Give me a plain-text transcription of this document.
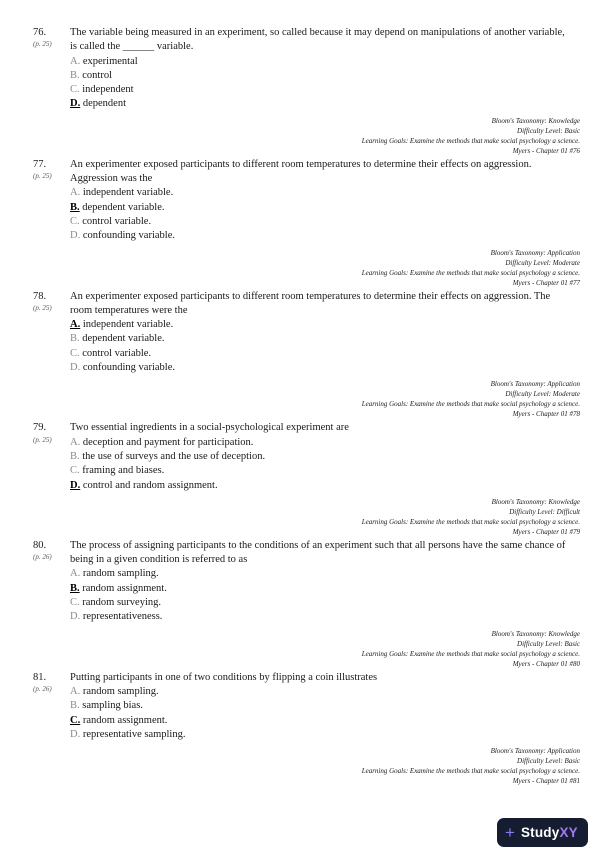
76.
(p. 25)
The variable being measured in an experiment, so called because it may depend on manipulations of another variable, is called the ______ variable.
A. experimental
B. control
C. independent
D. dependent
Bloom's Taxonomy: Knowledge
Difficulty Level: Basic
Learning Goals: Examine the methods that make social psychology a science.
Myers - Chapter 01 #76
77.
(p. 25)
An experimenter exposed participants to different room temperatures to determine their effects on aggression. Aggression was the
A. independent variable.
B. dependent variable.
C. control variable.
D. confounding variable.
Bloom's Taxonomy: Application
Difficulty Level: Moderate
Learning Goals: Examine the methods that make social psychology a science.
Myers - Chapter 01 #77
78.
(p. 25)
An experimenter exposed participants to different room temperatures to determine their effects on aggression. The room temperatures were the
A. independent variable.
B. dependent variable.
C. control variable.
D. confounding variable.
Bloom's Taxonomy: Application
Difficulty Level: Moderate
Learning Goals: Examine the methods that make social psychology a science.
Myers - Chapter 01 #78
79.
(p. 25)
Two essential ingredients in a social-psychological experiment are
A. deception and payment for participation.
B. the use of surveys and the use of deception.
C. framing and biases.
D. control and random assignment.
Bloom's Taxonomy: Knowledge
Difficulty Level: Difficult
Learning Goals: Examine the methods that make social psychology a science.
Myers - Chapter 01 #79
80.
(p. 26)
The process of assigning participants to the conditions of an experiment such that all persons have the same chance of being in a given condition is referred to as
A. random sampling.
B. random assignment.
C. random surveying.
D. representativeness.
Bloom's Taxonomy: Knowledge
Difficulty Level: Basic
Learning Goals: Examine the methods that make social psychology a science.
Myers - Chapter 01 #80
81.
(p. 26)
Putting participants in one of two conditions by flipping a coin illustrates
A. random sampling.
B. sampling bias.
C. random assignment.
D. representative sampling.
Bloom's Taxonomy: Application
Difficulty Level: Basic
Learning Goals: Examine the methods that make social psychology a science.
Myers - Chapter 01 #81
+ StudyXY
